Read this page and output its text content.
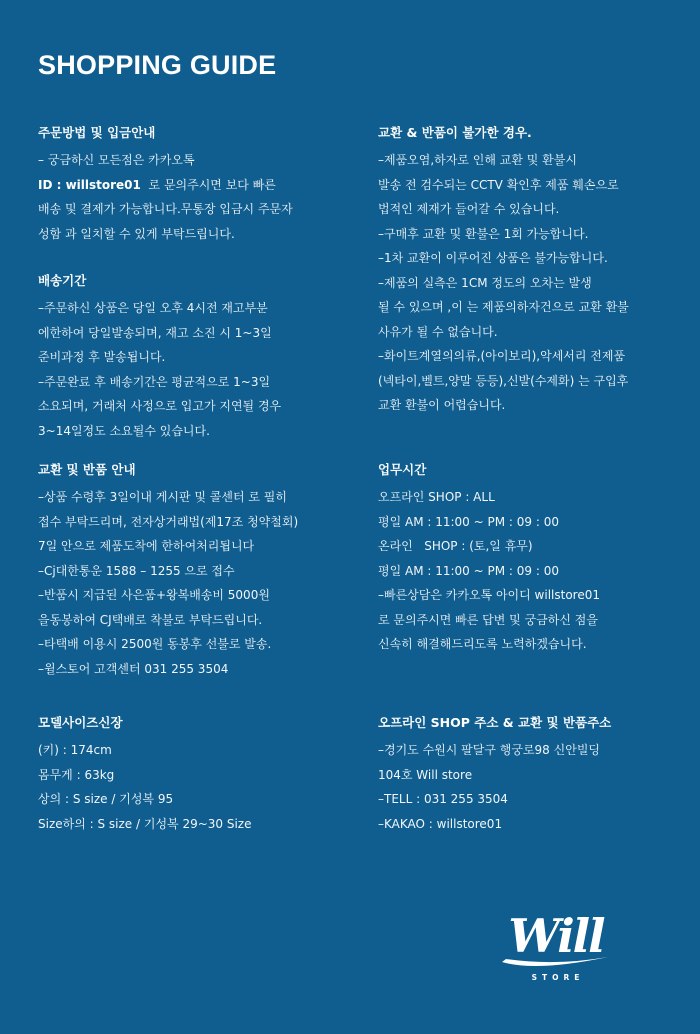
SHOPPING GUIDE
주문방법 및 입금안내
– 궁금하신 모든점은 카카오톡
ID : willstore01 로 문의주시면 보다 빠른
배송 및 결제가 가능합니다.무통장 입금시 주문자
성함 과 일치할 수 있게 부탁드립니다.
배송기간
–주문하신 상품은 당일 오후 4시전 재고부분
에한하여 당일발송되며, 재고 소진 시 1~3일
준비과정 후 발송됩니다.
–주문완료 후 배송기간은 평균적으로 1~3일
소요되며, 거래처 사정으로 입고가 지연될 경우
3~14일정도 소요될수 있습니다.
교환 및 반품 안내
–상품 수령후 3일이내 게시판 및 콜센터 로 필히
접수 부탁드리며, 전자상거래법(제17조 청약철회)
7일 안으로 제품도착에 한하여처리됩니다
–Cj대한통운 1588 – 1255 으로 접수
–반품시 지급된 사은품+왕복배송비 5000원
을동봉하여 CJ택배로 착불로 부탁드립니다.
–타택배 이용시 2500원 동봉후 선불로 발송.
–윌스토어 고객센터 031 255 3504
모델사이즈신장
(키) : 174cm
몸무게 : 63kg
상의 : S size / 기성복 95
Size하의 : S size / 기성복 29~30 Size
교환 & 반품이 불가한 경우.
–제품오염,하자로 인해 교환 및 환불시
발송 전 검수되는 CCTV 확인후 제품 훼손으로
법적인 제재가 들어갈 수 있습니다.
–구매후 교환 및 환불은 1회 가능합니다.
–1차 교환이 이루어진 상품은 불가능합니다.
–제품의 실측은 1CM 정도의 오차는 발생
될 수 있으며 ,이 는 제품의하자건으로 교환 환불
사유가 될 수 없습니다.
–화이트계열의의류,(아이보리),악세서리 전제품
(넥타이,벨트,양말 등등),신발(수제화) 는 구입후
교환 환불이 어렵습니다.
업무시간
오프라인 SHOP : ALL
평일 AM : 11:00 ~ PM : 09 : 00
온라인   SHOP : (토,일 휴무)
평일 AM : 11:00 ~ PM : 09 : 00
–빠른상담은 카카오톡 아이디 willstore01
로 문의주시면 빠른 답변 및 궁금하신 점을
신속히 해결해드리도록 노력하겠습니다.
오프라인 SHOP 주소 & 교환 및 반품주소
–경기도 수원시 팔달구 행궁로98 신안빌딩
104호 Will store
–TELL : 031 255 3504
–KAKAO : willstore01
Will
STORE
